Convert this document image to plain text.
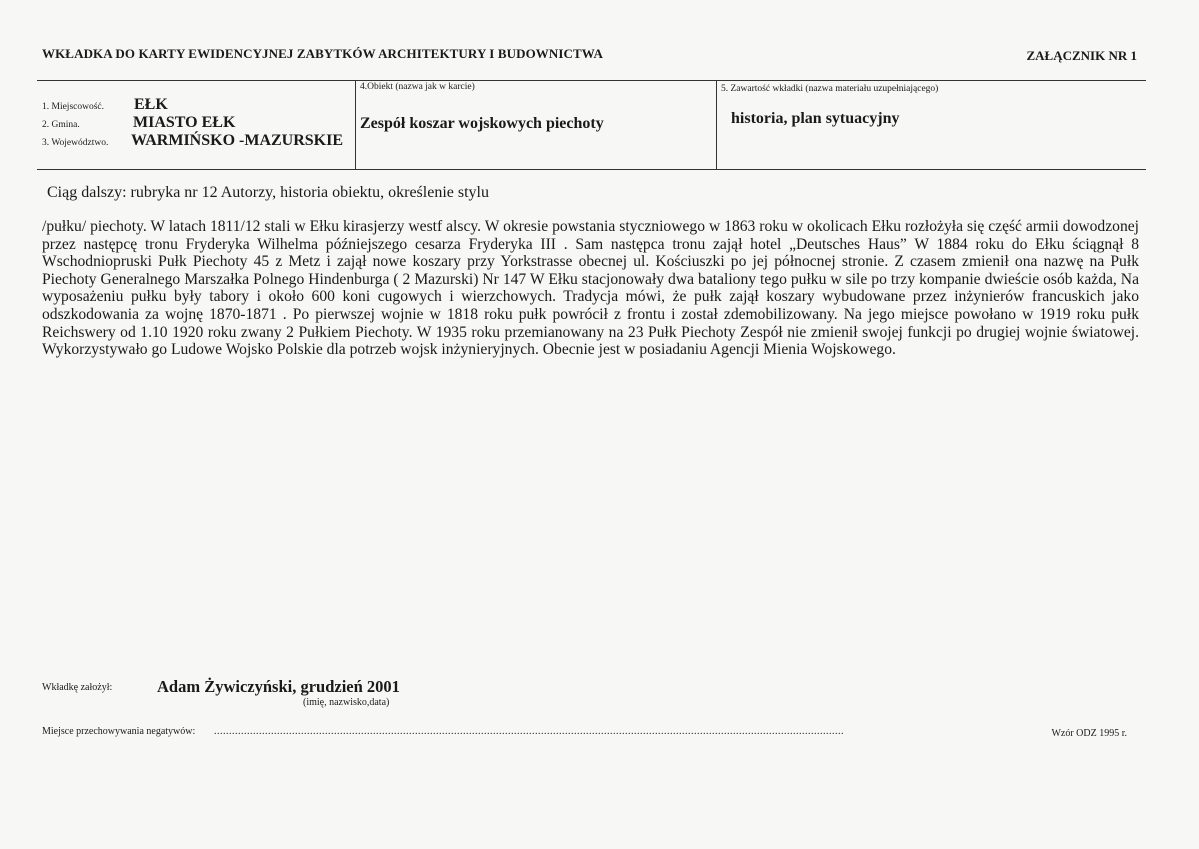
WKŁADKA DO KARTY EWIDENCYJNEJ ZABYTKÓW ARCHITEKTURY I BUDOWNICTWA	ZAŁĄCZNIK NR 1
1. Miejscowość.	EŁK
2. Gmina.	MIASTO EŁK
3. Województwo.	WARMIŃSKO -MAZURSKIE
4.Obiekt (nazwa jak w karcie)
Zespół koszar wojskowych piechoty
5. Zawartość wkładki (nazwa materiału uzupełniającego)
historia, plan sytuacyjny
Ciąg dalszy: rubryka nr 12 Autorzy, historia obiektu, określenie stylu
/pułku/ piechoty. W latach 1811/12 stali w Ełku kirasjerzy westf alscy. W okresie powstania styczniowego w 1863 roku w okolicach Ełku rozłożyła się część armii dowodzonej przez następcę tronu Fryderyka Wilhelma późniejszego cesarza Fryderyka III . Sam następca tronu zajął hotel „Deutsches Haus” W 1884 roku do Ełku ściągnął 8 Wschodniopruski Pułk Piechoty 45 z Metz i zajął nowe koszary przy Yorkstrasse obecnej ul. Kościuszki po jej północnej stronie. Z czasem zmienił ona nazwę na Pułk Piechoty Generalnego Marszałka Polnego Hindenburga ( 2 Mazurski) Nr 147 W Ełku stacjonowały dwa bataliony tego pułku w sile po trzy kompanie dwieście osób każda, Na wyposażeniu pułku były tabory i około 600 koni cugowych i wierzchowych. Tradycja mówi, że pułk zajął koszary wybudowane przez inżynierów francuskich jako odszkodowania za wojnę 1870-1871 . Po pierwszej wojnie w 1818 roku pułk powrócił z frontu i został zdemobilizowany. Na jego miejsce powołano w 1919 roku pułk Reichswery od 1.10 1920 roku zwany 2 Pułkiem Piechoty. W 1935 roku przemianowany na 23 Pułk Piechoty Zespół nie zmienił swojej funkcji po drugiej wojnie światowej. Wykorzystywało go Ludowe Wojsko Polskie dla potrzeb wojsk inżynieryjnych. Obecnie jest w posiadaniu Agencji Mienia Wojskowego.
Wkładkę założył:	Adam Żywiczyński, grudzień 2001
(imię, nazwisko,data)
Miejsce przechowywania negatywów: ..................................................................................................................................................................................................................	Wzór ODZ 1995 r.
